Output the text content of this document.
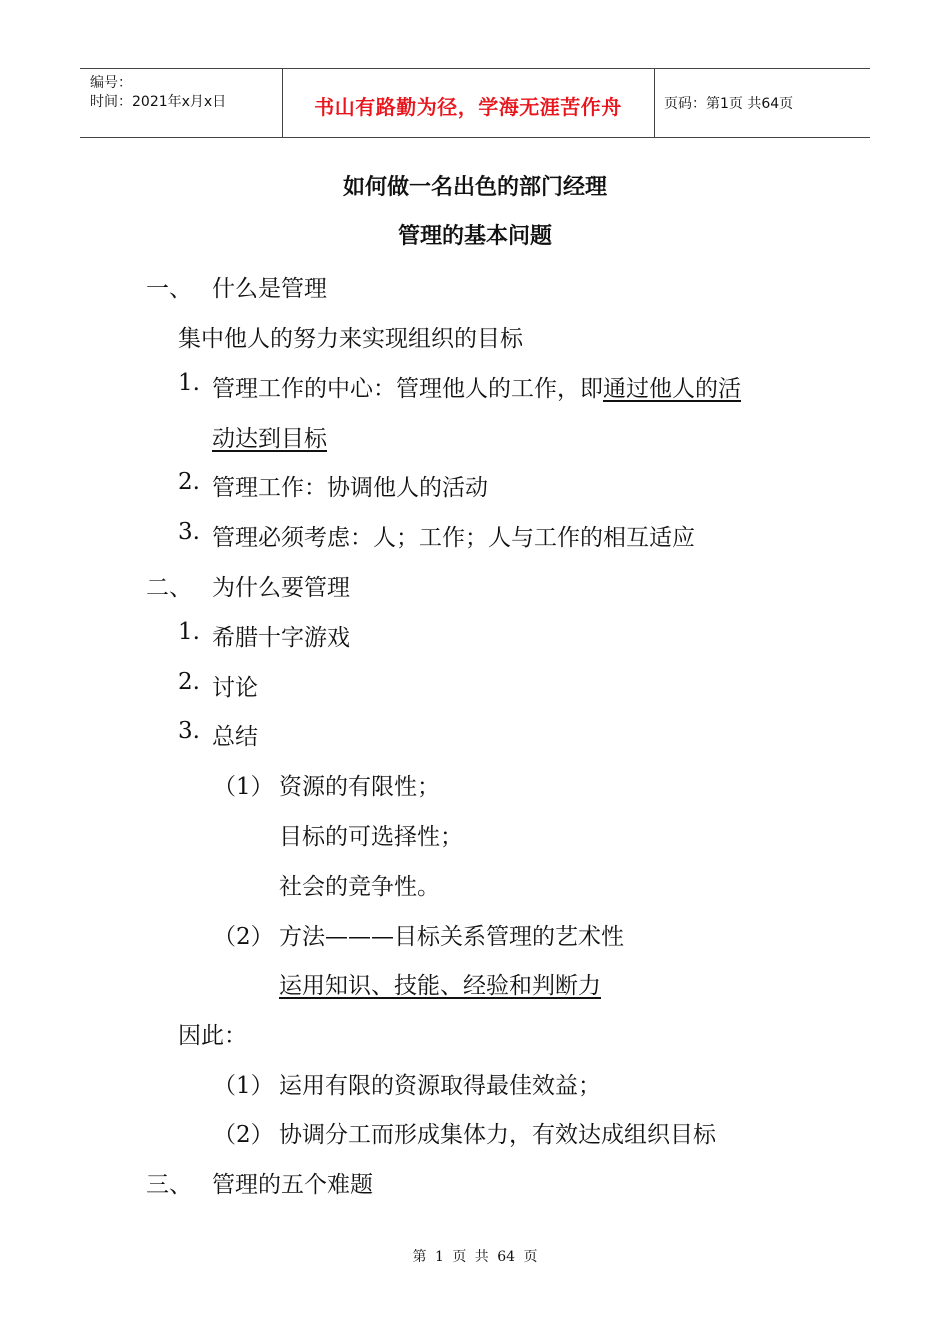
编号：
时间：2021年x月x日	书山有路勤为径，学海无涯苦作舟	页码：第1页 共64页
如何做一名出色的部门经理
管理的基本问题
一、 什么是管理
集中他人的努力来实现组织的目标
1. 管理工作的中心：管理他人的工作，即通过他人的活
动达到目标
2. 管理工作：协调他人的活动
3. 管理必须考虑：人；工作；人与工作的相互适应
二、 为什么要管理
1. 希腊十字游戏
2. 讨论
3. 总结
（1） 资源的有限性；
目标的可选择性；
社会的竞争性。
（2） 方法———目标关系管理的艺术性
运用知识、技能、经验和判断力
因此：
（1） 运用有限的资源取得最佳效益；
（2） 协调分工而形成集体力，有效达成组织目标
三、 管理的五个难题
第 1 页 共 64 页
